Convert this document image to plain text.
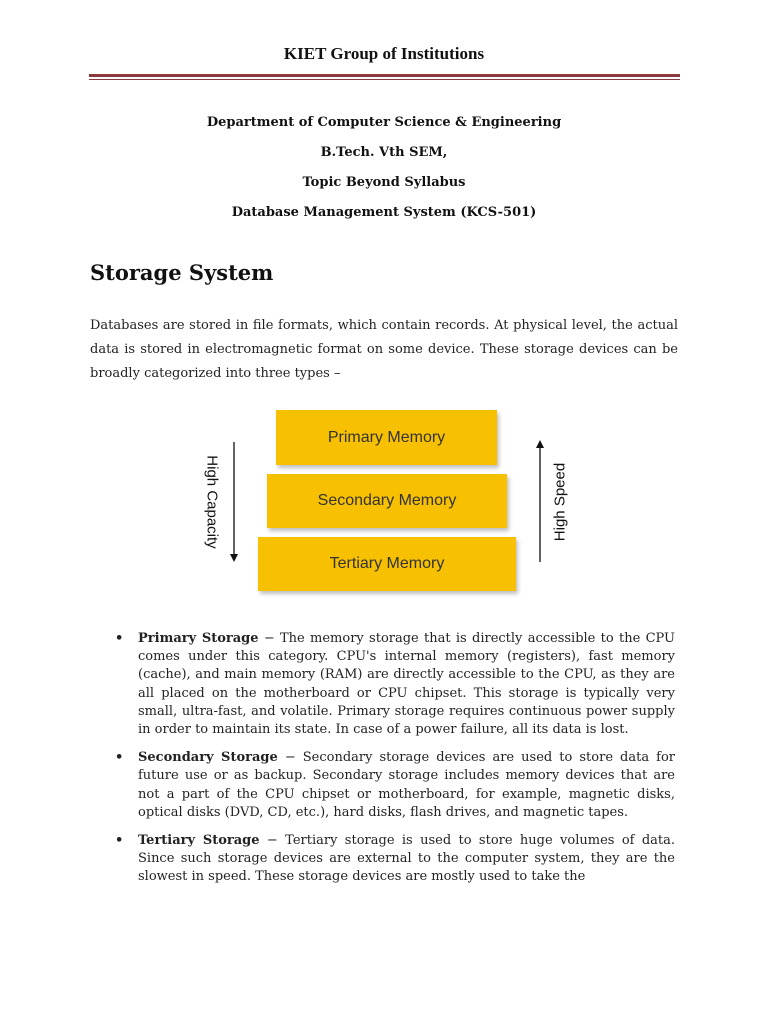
KIET Group of Institutions
Department of Computer Science & Engineering
B.Tech. Vth SEM,
Topic Beyond Syllabus
Database Management System (KCS-501)
Storage System
Databases are stored in file formats, which contain records. At physical level, the actual data is stored in electromagnetic format on some device. These storage devices can be broadly categorized into three types –
High Capacity	High Speed
Primary Memory
Secondary Memory
Tertiary Memory
• Primary Storage − The memory storage that is directly accessible to the CPU comes under this category. CPU's internal memory (registers), fast memory (cache), and main memory (RAM) are directly accessible to the CPU, as they are all placed on the motherboard or CPU chipset. This storage is typically very small, ultra-fast, and volatile. Primary storage requires continuous power supply in order to maintain its state. In case of a power failure, all its data is lost.
• Secondary Storage − Secondary storage devices are used to store data for future use or as backup. Secondary storage includes memory devices that are not a part of the CPU chipset or motherboard, for example, magnetic disks, optical disks (DVD, CD, etc.), hard disks, flash drives, and magnetic tapes.
• Tertiary Storage − Tertiary storage is used to store huge volumes of data. Since such storage devices are external to the computer system, they are the slowest in speed. These storage devices are mostly used to take the
